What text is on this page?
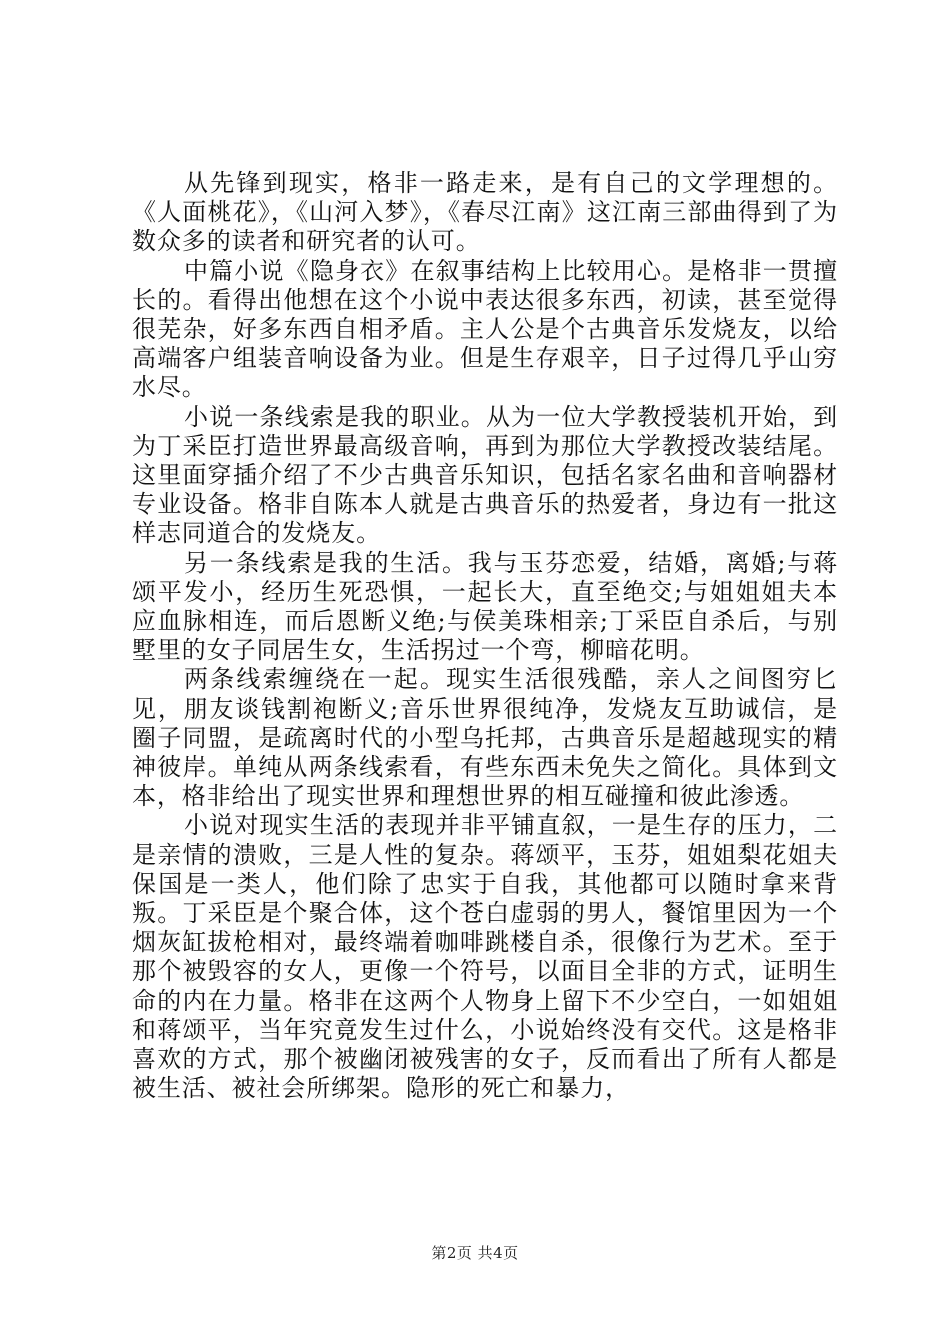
从先锋到现实，格非一路走来，是有自己的文学理想的。《人面桃花》，《山河入梦》，《春尽江南》这江南三部曲得到了为数众多的读者和研究者的认可。

中篇小说《隐身衣》在叙事结构上比较用心。是格非一贯擅长的。看得出他想在这个小说中表达很多东西，初读，甚至觉得很芜杂，好多东西自相矛盾。主人公是个古典音乐发烧友，以给高端客户组装音响设备为业。但是生存艰辛，日子过得几乎山穷水尽。

小说一条线索是我的职业。从为一位大学教授装机开始，到为丁采臣打造世界最高级音响，再到为那位大学教授改装结尾。这里面穿插介绍了不少古典音乐知识，包括名家名曲和音响器材专业设备。格非自陈本人就是古典音乐的热爱者，身边有一批这样志同道合的发烧友。

另一条线索是我的生活。我与玉芬恋爱，结婚，离婚;与蒋颂平发小，经历生死恐惧，一起长大，直至绝交;与姐姐姐夫本应血脉相连，而后恩断义绝;与侯美珠相亲;丁采臣自杀后，与别墅里的女子同居生女，生活拐过一个弯，柳暗花明。

两条线索缠绕在一起。现实生活很残酷，亲人之间图穷匕见，朋友谈钱割袍断义;音乐世界很纯净，发烧友互助诚信，是圈子同盟，是疏离时代的小型乌托邦，古典音乐是超越现实的精神彼岸。单纯从两条线索看，有些东西未免失之简化。具体到文本，格非给出了现实世界和理想世界的相互碰撞和彼此渗透。

小说对现实生活的表现并非平铺直叙，一是生存的压力，二是亲情的溃败，三是人性的复杂。蒋颂平，玉芬，姐姐梨花姐夫保国是一类人，他们除了忠实于自我，其他都可以随时拿来背叛。丁采臣是个聚合体，这个苍白虚弱的男人，餐馆里因为一个烟灰缸拔枪相对，最终端着咖啡跳楼自杀，很像行为艺术。至于那个被毁容的女人，更像一个符号，以面目全非的方式，证明生命的内在力量。格非在这两个人物身上留下不少空白，一如姐姐和蒋颂平，当年究竟发生过什么，小说始终没有交代。这是格非喜欢的方式，那个被幽闭被残害的女子，反而看出了所有人都是被生活、被社会所绑架。隐形的死亡和暴力，

第2页 共4页
